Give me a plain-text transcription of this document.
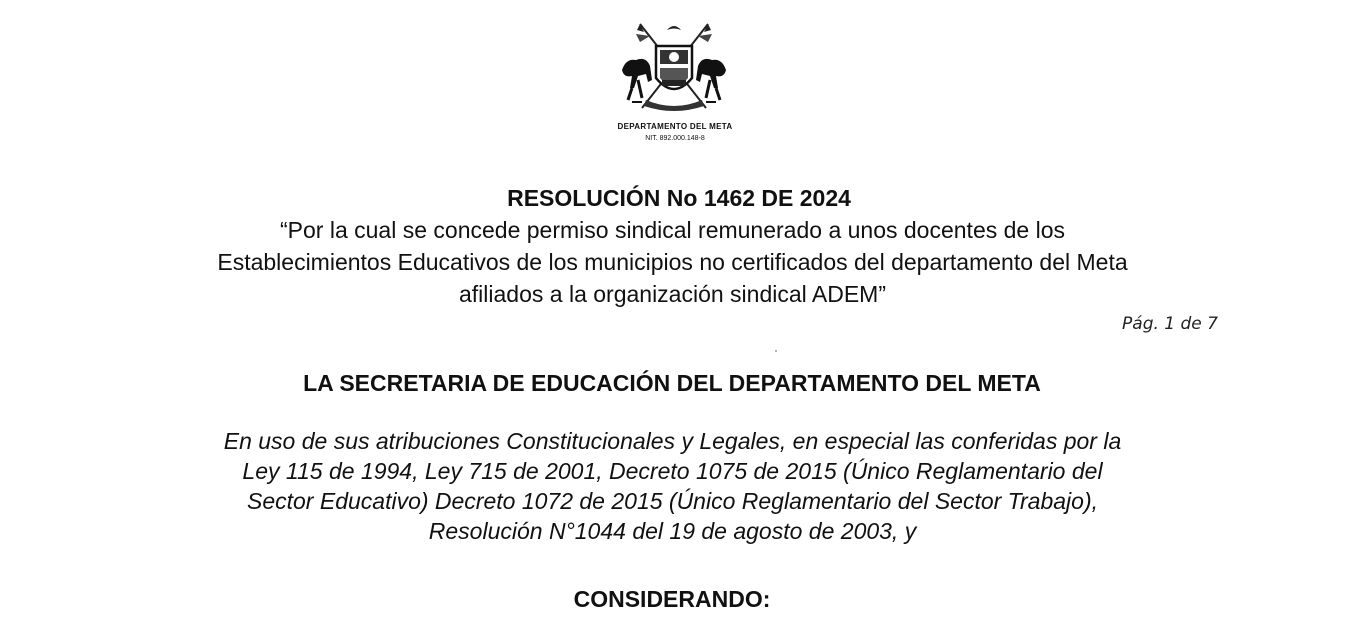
DEPARTAMENTO DEL META
NIT. 892.000.148-8
RESOLUCIÓN No 1462 DE 2024
“Por la cual se concede permiso sindical remunerado a unos docentes de los
Establecimientos Educativos de los municipios no certificados del departamento del Meta
afiliados a la organización sindical ADEM”
Pág. 1 de 7
LA SECRETARIA DE EDUCACIÓN DEL DEPARTAMENTO DEL META
En uso de sus atribuciones Constitucionales y Legales, en especial las conferidas por la
Ley 115 de 1994, Ley 715 de 2001, Decreto 1075 de 2015 (Único Reglamentario del
Sector Educativo) Decreto 1072 de 2015 (Único Reglamentario del Sector Trabajo),
Resolución N°1044 del 19 de agosto de 2003, y
CONSIDERANDO:
